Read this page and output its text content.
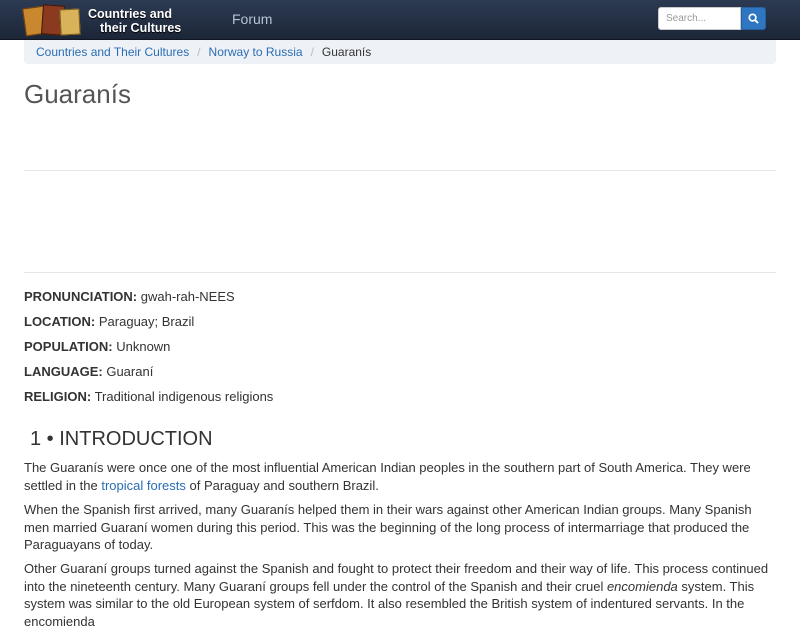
Countries and
their Cultures
Forum
Search...
Countries and Their Cultures / Norway to Russia / Guaranís
Guaranís
PRONUNCIATION: gwah-rah-NEES
LOCATION: Paraguay; Brazil
POPULATION: Unknown
LANGUAGE: Guaraní
RELIGION: Traditional indigenous religions
1 • INTRODUCTION

The Guaranís were once one of the most influential American Indian peoples in the southern part of South America. They were settled in the tropical forests of Paraguay and southern Brazil.

When the Spanish first arrived, many Guaranís helped them in their wars against other American Indian groups. Many Spanish men married Guaraní women during this period. This was the beginning of the long process of intermarriage that produced the Paraguayans of today.

Other Guaraní groups turned against the Spanish and fought to protect their freedom and their way of life. This process continued into the nineteenth century. Many Guaraní groups fell under the control of the Spanish and their cruel encomienda system. This system was similar to the old European system of serfdom. It also resembled the British system of indentured servants. In the encomienda
